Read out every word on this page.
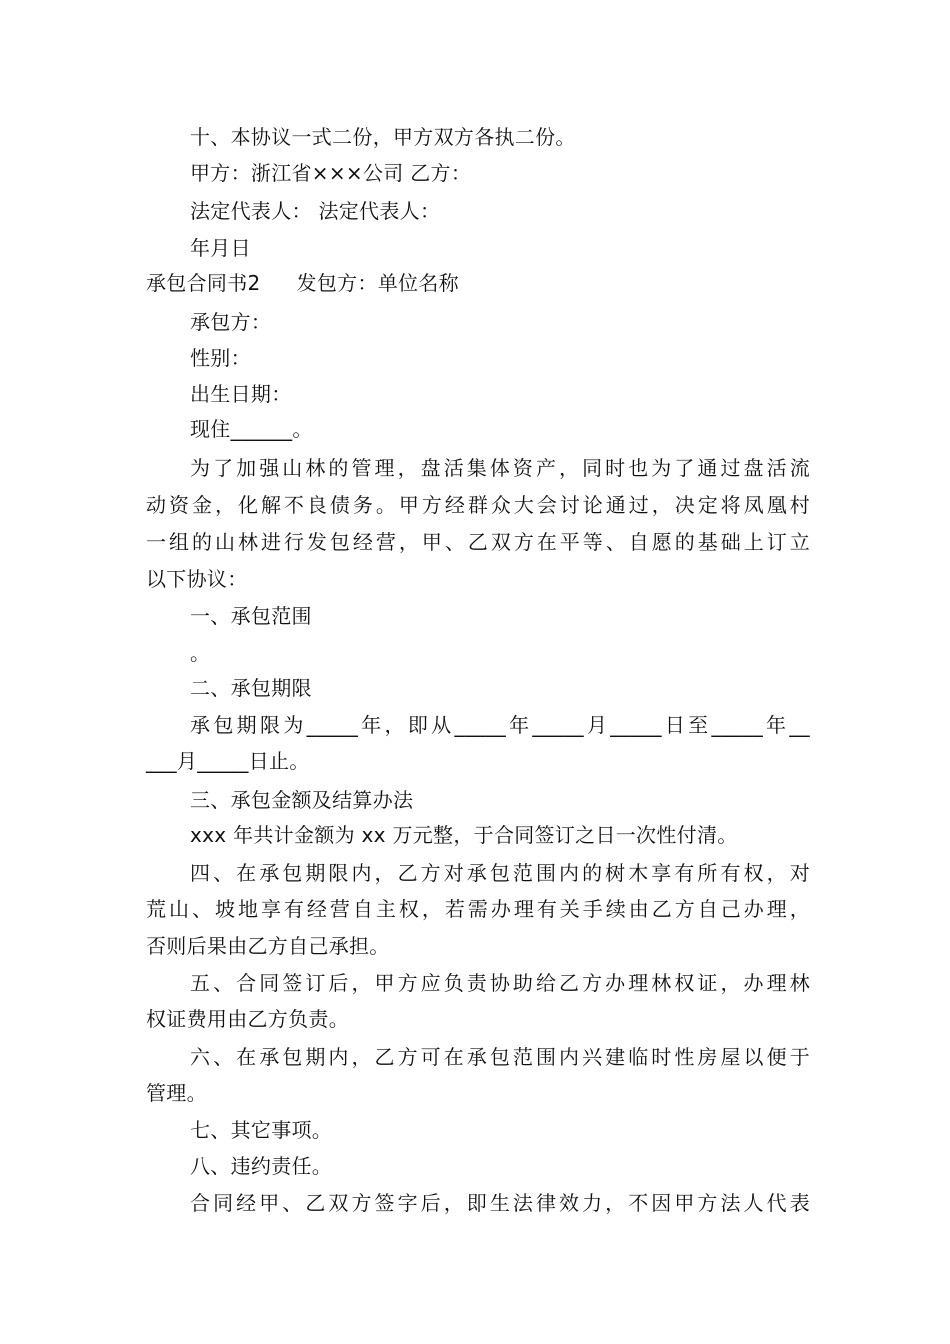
十、本协议一式二份，甲方双方各执二份。
甲方：浙江省×××公司 乙方：
法定代表人： 法定代表人：
年月日
承包合同书2 发包方：单位名称
承包方：
性别：
出生日期：
现住______。
为了加强山林的管理，盘活集体资产，同时也为了通过盘活流
动资金，化解不良债务。甲方经群众大会讨论通过，决定将凤凰村
一组的山林进行发包经营，甲、乙双方在平等、自愿的基础上订立
以下协议：
一、承包范围
。
二、承包期限
承包期限为_____年，即从_____年_____月_____日至_____年__
___月_____日止。
三、承包金额及结算办法
xxx 年共计金额为 xx 万元整，于合同签订之日一次性付清。
四、在承包期限内，乙方对承包范围内的树木享有所有权，对
荒山、坡地享有经营自主权，若需办理有关手续由乙方自己办理，
否则后果由乙方自己承担。
五、合同签订后，甲方应负责协助给乙方办理林权证，办理林
权证费用由乙方负责。
六、在承包期内，乙方可在承包范围内兴建临时性房屋以便于
管理。
七、其它事项。
八、违约责任。
合同经甲、乙双方签字后，即生法律效力，不因甲方法人代表
